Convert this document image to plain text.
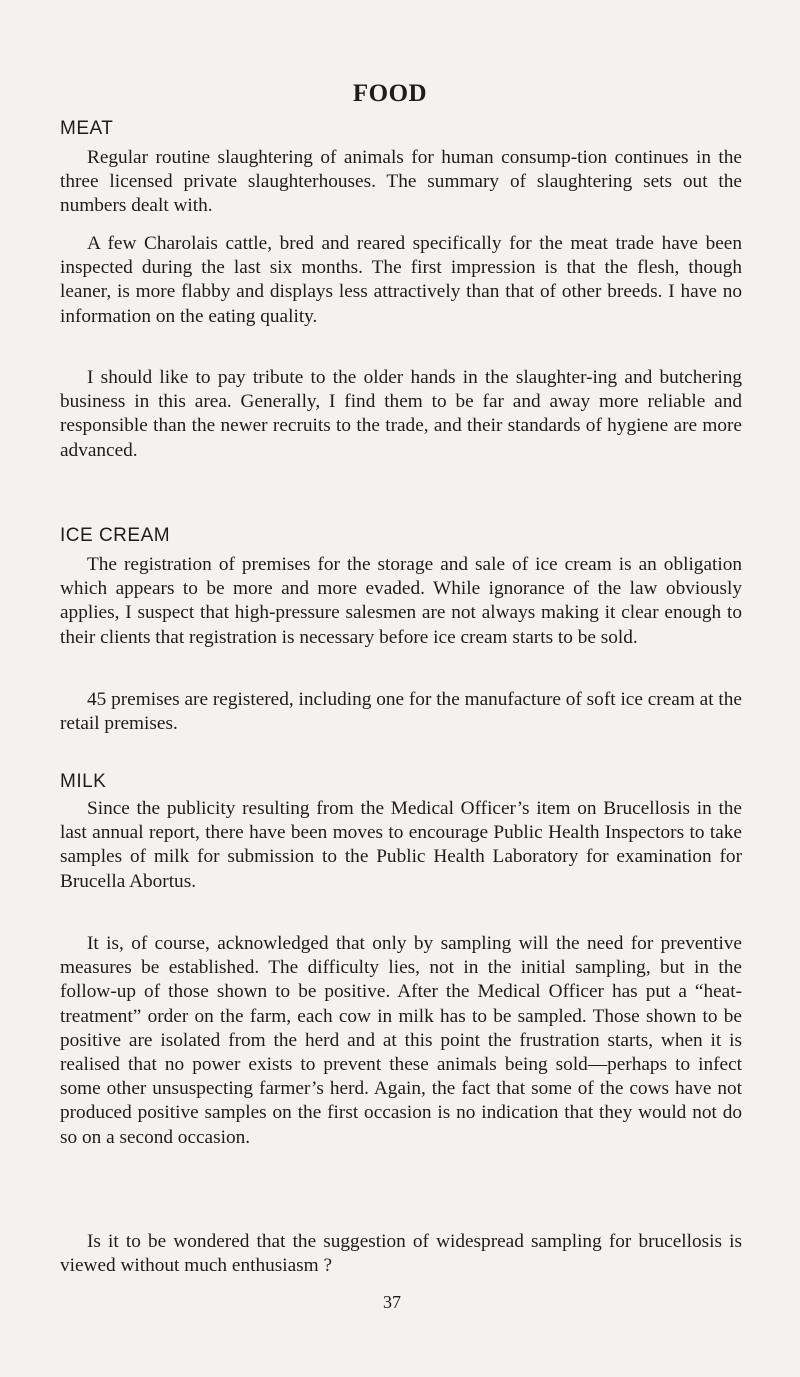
FOOD
MEAT

Regular routine slaughtering of animals for human consump-tion continues in the three licensed private slaughterhouses. The summary of slaughtering sets out the numbers dealt with.

A few Charolais cattle, bred and reared specifically for the meat trade have been inspected during the last six months. The first impression is that the flesh, though leaner, is more flabby and displays less attractively than that of other breeds. I have no information on the eating quality.

I should like to pay tribute to the older hands in the slaughter-ing and butchering business in this area. Generally, I find them to be far and away more reliable and responsible than the newer recruits to the trade, and their standards of hygiene are more advanced.

ICE CREAM

The registration of premises for the storage and sale of ice cream is an obligation which appears to be more and more evaded. While ignorance of the law obviously applies, I suspect that high-pressure salesmen are not always making it clear enough to their clients that registration is necessary before ice cream starts to be sold.

45 premises are registered, including one for the manufacture of soft ice cream at the retail premises.

MILK

Since the publicity resulting from the Medical Officer’s item on Brucellosis in the last annual report, there have been moves to encourage Public Health Inspectors to take samples of milk for submission to the Public Health Laboratory for examination for Brucella Abortus.

It is, of course, acknowledged that only by sampling will the need for preventive measures be established. The difficulty lies, not in the initial sampling, but in the follow-up of those shown to be positive. After the Medical Officer has put a “heat-treatment” order on the farm, each cow in milk has to be sampled. Those shown to be positive are isolated from the herd and at this point the frustration starts, when it is realised that no power exists to prevent these animals being sold—perhaps to infect some other unsuspecting farmer’s herd. Again, the fact that some of the cows have not produced positive samples on the first occasion is no indication that they would not do so on a second occasion.

Is it to be wondered that the suggestion of widespread sampling for brucellosis is viewed without much enthusiasm ?

37
